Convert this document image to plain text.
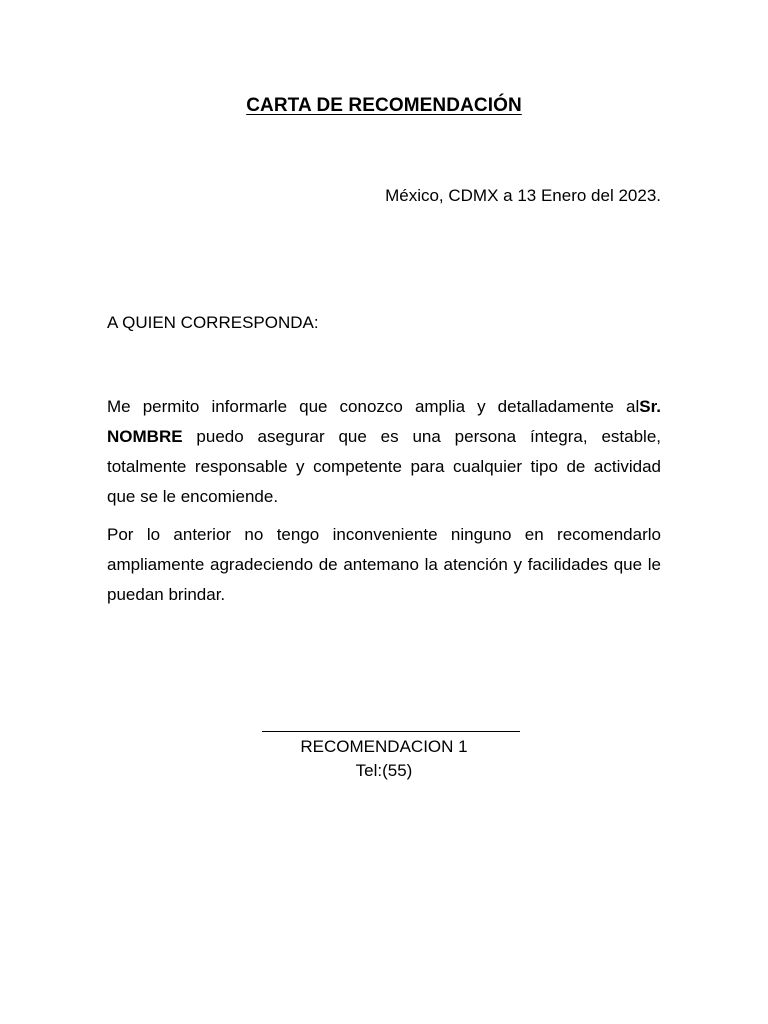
CARTA DE RECOMENDACIÓN
México, CDMX a 13 Enero del 2023.
A QUIEN CORRESPONDA:
Me permito informarle que conozco amplia y detalladamente alSr. NOMBRE puedo asegurar que es una persona íntegra, estable, totalmente responsable y competente para cualquier tipo de actividad que se le encomiende.
Por lo anterior no tengo inconveniente ninguno en recomendarlo ampliamente agradeciendo de antemano la atención y facilidades que le puedan brindar.
RECOMENDACION 1
Tel:(55)
